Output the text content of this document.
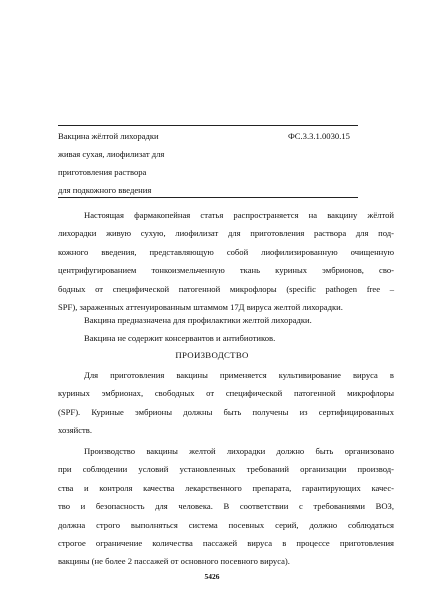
Вакцина жёлтой лихорадки
живая сухая, лиофилизат для
приготовления раствора
для подкожного введения
ФС.3.3.1.0030.15
Настоящая фармакопейная статья распространяется на вакцину жёлтой
лихорадки живую сухую, лиофилизат для приготовления раствора для под-
кожного введения, представляющую собой лиофилизированную очищенную
центрифугированием тонкоизмельченную ткань куриных эмбрионов, сво-
бодных от специфической патогенной микрофлоры (specific pathogen free –
SPF), зараженных аттенуированным штаммом 17Д вируса желтой лихорадки.
Вакцина предназначена для профилактики желтой лихорадки.
Вакцина не содержит консервантов и антибиотиков.
ПРОИЗВОДСТВО
Для приготовления вакцины применяется культивирование вируса в
куриных эмбрионах, свободных от специфической патогенной микрофлоры
(SPF). Куриные эмбрионы должны быть получены из сертифицированных
хозяйств.
Производство вакцины желтой лихорадки должно быть организовано
при соблюдении условий установленных требований организации производ-
ства и контроля качества лекарственного препарата, гарантирующих качес-
тво и безопасность для человека. В соответствии с требованиями ВОЗ,
должна строго выполняться система посевных серий, должно соблюдаться
строгое ограничение количества пассажей вируса в процессе приготовления
вакцины (не более 2 пассажей от основного посевного вируса).
5426
